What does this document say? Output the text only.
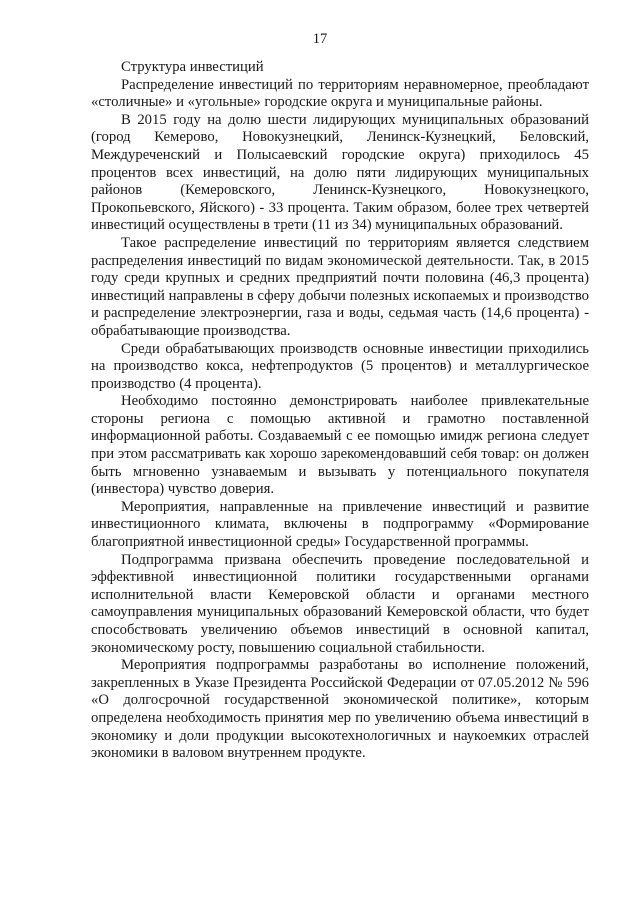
17
Структура инвестиций

Распределение инвестиций по территориям неравномерное, преобладают «столичные» и «угольные» городские округа и муниципальные районы.

В 2015 году на долю шести лидирующих муниципальных образований (город Кемерово, Новокузнецкий, Ленинск-Кузнецкий, Беловский, Междуреченский и Полысаевский городские округа) приходилось 45 процентов всех инвестиций, на долю пяти лидирующих муниципальных районов (Кемеровского, Ленинск-Кузнецкого, Новокузнецкого, Прокопьевского, Яйского) - 33 процента. Таким образом, более трех четвертей инвестиций осуществлены в трети (11 из 34) муниципальных образований.

Такое распределение инвестиций по территориям является следствием распределения инвестиций по видам экономической деятельности. Так, в 2015 году среди крупных и средних предприятий почти половина (46,3 процента) инвестиций направлены в сферу добычи полезных ископаемых и производство и распределение электроэнергии, газа и воды, седьмая часть (14,6 процента) - обрабатывающие производства.

Среди обрабатывающих производств основные инвестиции приходились на производство кокса, нефтепродуктов (5 процентов) и металлургическое производство (4 процента).

Необходимо постоянно демонстрировать наиболее привлекательные стороны региона с помощью активной и грамотно поставленной информационной работы. Создаваемый с ее помощью имидж региона следует при этом рассматривать как хорошо зарекомендовавший себя товар: он должен быть мгновенно узнаваемым и вызывать у потенциального покупателя (инвестора) чувство доверия.

Мероприятия, направленные на привлечение инвестиций и развитие инвестиционного климата, включены в подпрограмму «Формирование благоприятной инвестиционной среды» Государственной программы.

Подпрограмма призвана обеспечить проведение последовательной и эффективной инвестиционной политики государственными органами исполнительной власти Кемеровской области и органами местного самоуправления муниципальных образований Кемеровской области, что будет способствовать увеличению объемов инвестиций в основной капитал, экономическому росту, повышению социальной стабильности.

Мероприятия подпрограммы разработаны во исполнение положений, закрепленных в Указе Президента Российской Федерации от 07.05.2012 № 596 «О долгосрочной государственной экономической политике», которым определена необходимость принятия мер по увеличению объема инвестиций в экономику и доли продукции высокотехнологичных и наукоемких отраслей экономики в валовом внутреннем продукте.
